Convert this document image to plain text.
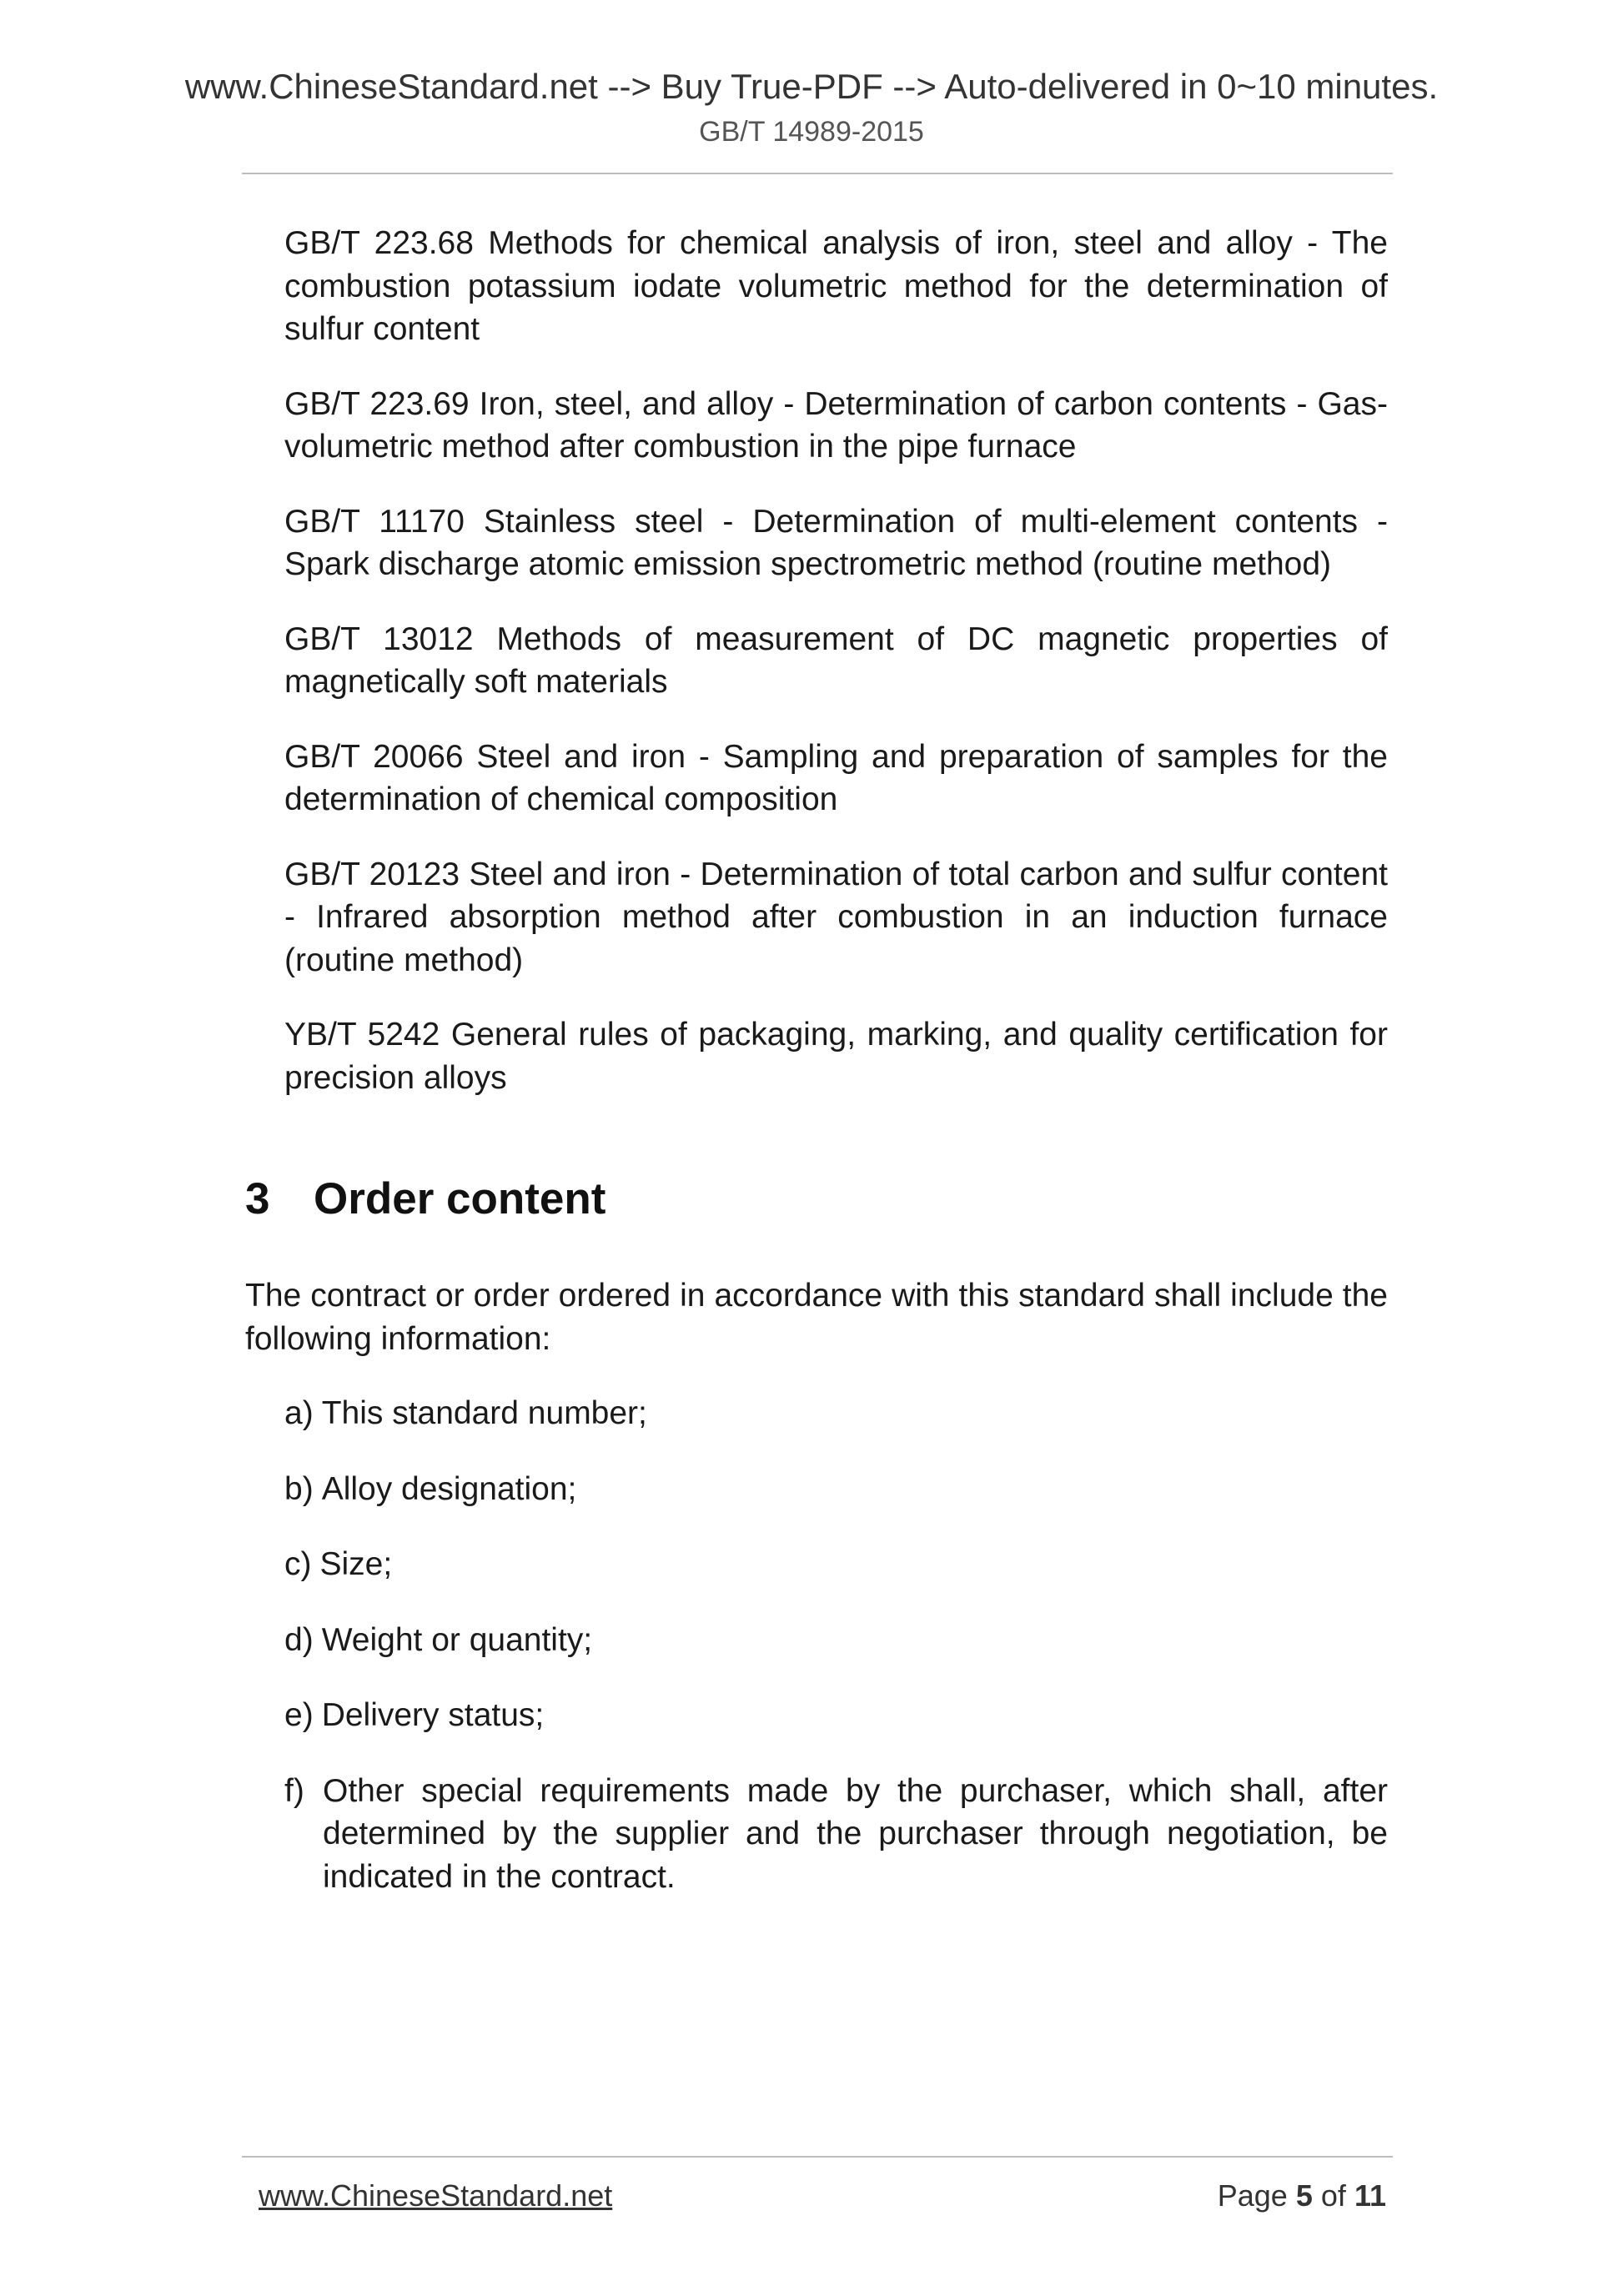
www.ChineseStandard.net --> Buy True-PDF --> Auto-delivered in 0~10 minutes.
GB/T 14989-2015

GB/T 223.68 Methods for chemical analysis of iron, steel and alloy - The combustion potassium iodate volumetric method for the determination of sulfur content

GB/T 223.69 Iron, steel, and alloy - Determination of carbon contents - Gas-volumetric method after combustion in the pipe furnace

GB/T 11170 Stainless steel - Determination of multi-element contents - Spark discharge atomic emission spectrometric method (routine method)

GB/T 13012 Methods of measurement of DC magnetic properties of magnetically soft materials

GB/T 20066 Steel and iron - Sampling and preparation of samples for the determination of chemical composition

GB/T 20123 Steel and iron - Determination of total carbon and sulfur content - Infrared absorption method after combustion in an induction furnace (routine method)

YB/T 5242 General rules of packaging, marking, and quality certification for precision alloys

3 Order content

The contract or order ordered in accordance with this standard shall include the following information:

a) This standard number;
b) Alloy designation;
c) Size;
d) Weight or quantity;
e) Delivery status;
f) Other special requirements made by the purchaser, which shall, after determined by the supplier and the purchaser through negotiation, be indicated in the contract.
www.ChineseStandard.net	Page 5 of 11
